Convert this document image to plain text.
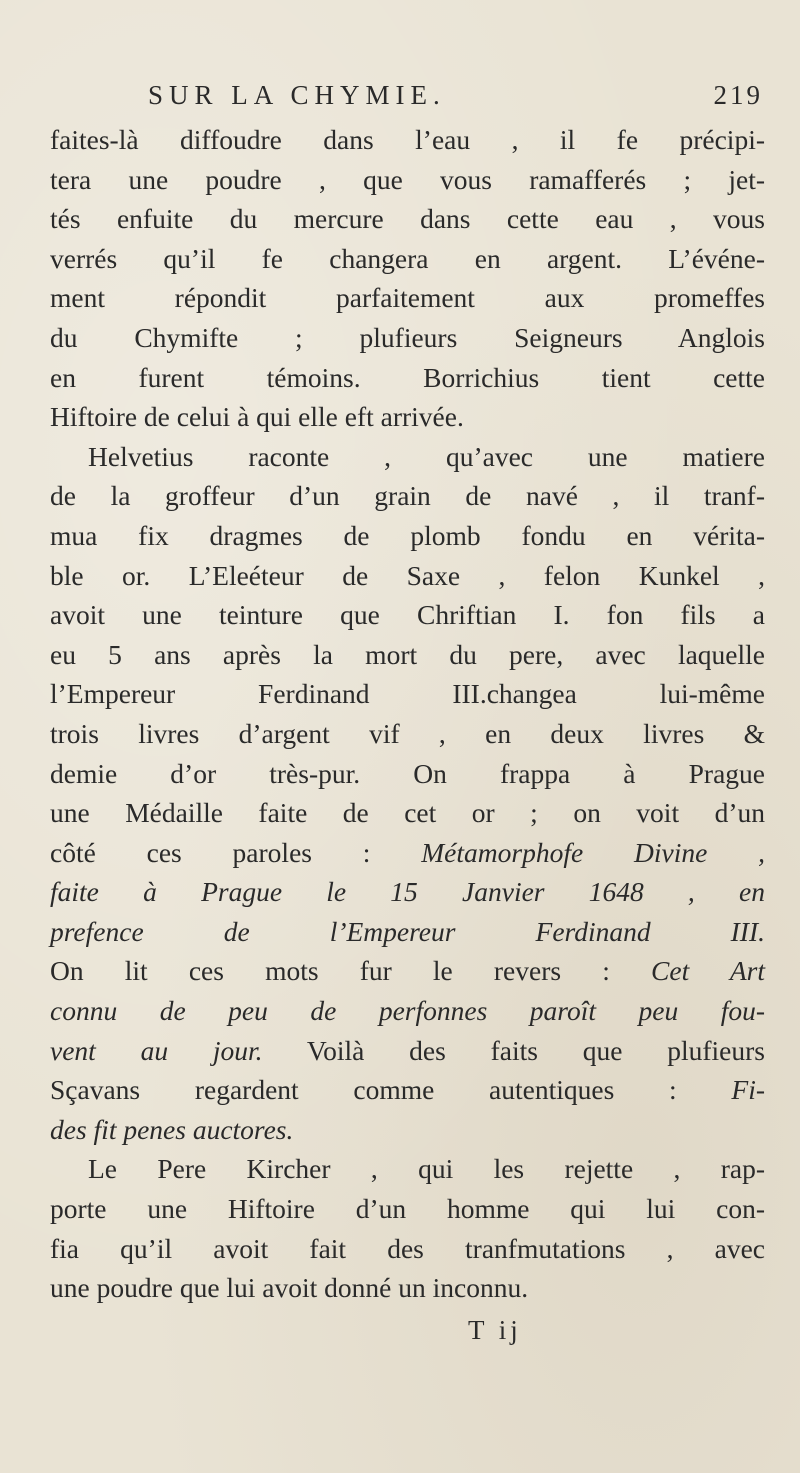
SUR LA CHYMIE.	219
faites-là diffoudre dans l’eau , il fe précipi-
tera une poudre , que vous ramafferés ; jet-
tés enfuite du mercure dans cette eau , vous
verrés qu’il fe changera en argent. L’événe-
ment répondit parfaitement aux promeffes
du Chymifte ; plufieurs Seigneurs Anglois
en furent témoins. Borrichius tient cette
Hiftoire de celui à qui elle eft arrivée.
Helvetius raconte , qu’avec une matiere
de la groffeur d’un grain de navé , il tranf-
mua fix dragmes de plomb fondu en vérita-
ble or. L’Eleéteur de Saxe , felon Kunkel ,
avoit une teinture que Chriftian I. fon fils a
eu 5 ans après la mort du pere, avec laquelle
l’Empereur Ferdinand III.changea lui-même
trois livres d’argent vif , en deux livres &
demie d’or très-pur. On frappa à Prague
une Médaille faite de cet or ; on voit d’un
côté ces paroles : Métamorphofe Divine ,
faite à Prague le 15 Janvier 1648 , en
prefence de l’Empereur Ferdinand III.
On lit ces mots fur le revers : Cet Art
connu de peu de perfonnes paroît peu fou-
vent au jour. Voilà des faits que plufieurs
Sçavans regardent comme autentiques : Fi-
des fit penes auctores.
Le Pere Kircher , qui les rejette , rap-
porte une Hiftoire d’un homme qui lui con-
fia qu’il avoit fait des tranfmutations , avec
une poudre que lui avoit donné un inconnu.
T ij
